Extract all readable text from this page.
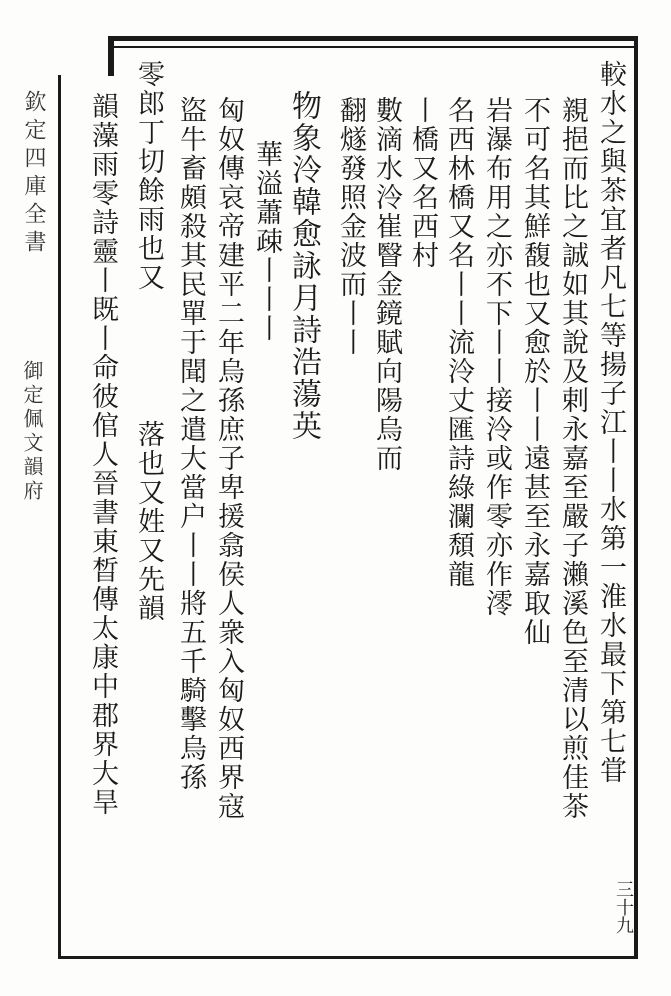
欽定四庫全書
御定佩文韻府
三十九
較水之與茶宜者凡七等揚子江丨丨水第一淮水最下第七甞
親挹而比之誠如其說及剌永嘉至嚴子瀨溪色至清以煎佳茶
不可名其鮮馥也又愈於丨丨遠甚至永嘉取仙
岩瀑布用之亦不下丨丨接泠或作零亦作澪
名西林橋又名丨丨流泠丈匯詩綠瀾頹龍
丨橋又名西村
數滴水泠崔瞖金鏡賦向陽烏而
翻燧發照金波而丨丨
物象泠韓愈詠月詩浩蕩英
華溢蕭疎丨丨丨
匈奴傳哀帝建平二年烏孫庶子卑援翕侯人衆入匈奴西界寇
盜牛畜頗殺其民單于聞之遣大當户丨丨將五千騎擊烏孫
零郎丁切餘雨也又
落也又姓又先韻
韻藻雨零詩靈丨既丨命彼倌人晉書東晳傳太康中郡界大旱
